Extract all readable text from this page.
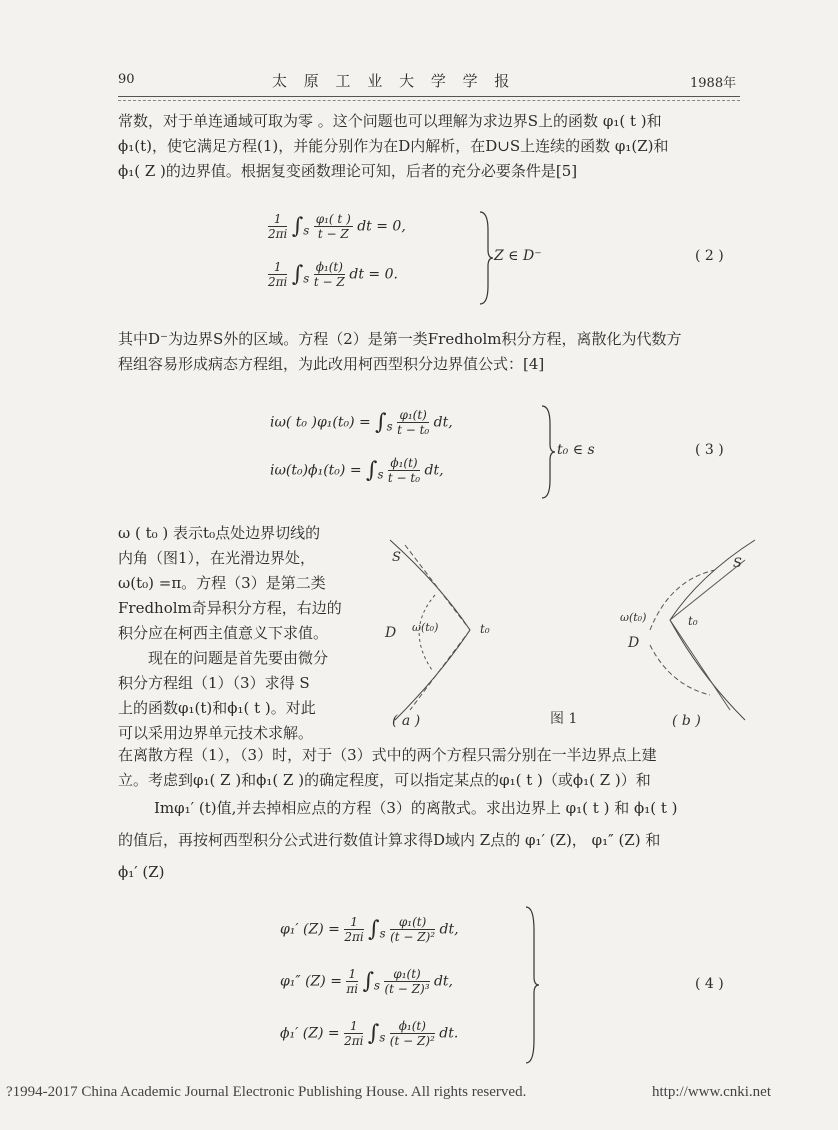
90	太 原 工 业 大 学 学 报	1988年
常数，对于单连通域可取为零 。这个问题也可以理解为求边界S上的函数 φ₁( t )和
ϕ₁(t)，使它满足方程(1)，并能分别作为在D内解析，在D∪S上连续的函数 φ₁(Z)和
ϕ₁( Z )的边界值。根据复变函数理论可知，后者的充分必要条件是[5]
$\frac{1}{2\pi i} \int_s \frac{\text{φ₁( t )}}{t - Z}$ dt = 0,
$\frac{1}{2\pi i} \int_s \frac{\text{ϕ₁(t)}}{t - Z}$ dt = 0.
Z ∈ D⁻	( 2 )
其中D⁻为边界S外的区域。方程（2）是第一类Fredholm积分方程，离散化为代数方
程组容易形成病态方程组，为此改用柯西型积分边界值公式：[4]
iω( t₀ )$\varphi_1(t_0) = \int_s \frac{\text{φ₁(t)}}{\text{t − t₀}}$ dt,
$i\omega(t_0)\phi_1(t_0) = \int_s \frac{\text{ϕ₁(t)}}{\text{t − t₀}}$ dt,
t₀ ∈ s	( 3 )
ω ( t₀ ) 表示t₀点处边界切线的
内角（图1），在光滑边界处，
ω(t₀) =π。方程（3）是第二类
Fredholm奇异积分方程，右边的
积分应在柯西主值意义下求值。
现在的问题是首先要由微分
积分方程组（1）（3）求得 S
上的函数φ₁(t)和ϕ₁( t )。对此
可以采用边界单元技术求解。
S
D ω(t₀)	t₀
( a )	图 1
S
ω(t₀)	t₀
D
( b )
在离散方程（1），（3）时，对于（3）式中的两个方程只需分别在一半边界点上建
立。考虑到φ₁( Z )和ϕ₁( Z )的确定程度，可以指定某点的φ₁( t )（或ϕ₁( Z )）和
Imφ₁′ (t)值,并去掉相应点的方程（3）的离散式。求出边界上 φ₁( t ) 和 ϕ₁( t )
的值后，再按柯西型积分公式进行数值计算求得D域内 Z点的 φ₁′ (Z)， φ₁″ (Z) 和
ϕ₁′ (Z)
φ₁′ $(Z) = \frac{1}{2\pi i} \int_s \frac{\text{φ₁(t)}}{\text{(t − Z)²}}$ dt,
φ₁″ $(Z) = \frac{1}{\pi i} \int_s \frac{\text{φ₁(t)}}{\text{(t − Z)³}}$ dt,
ϕ₁′ $(Z) = \frac{1}{2\pi i} \int_s \frac{\text{ϕ₁(t)}}{\text{(t − Z)²}}$ dt.
( 4 )
?1994-2017 China Academic Journal Electronic Publishing House. All rights reserved.	http://www.cnki.net
